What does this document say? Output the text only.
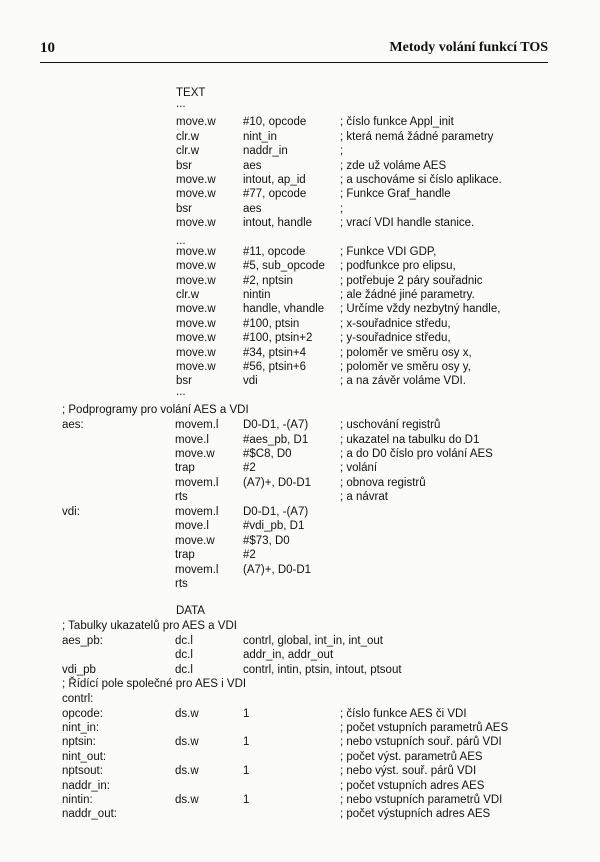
10	Metody volání funkcí TOS
TEXT
...
move.w #10, opcode	; číslo funkce Appl_init
clr.w	nint_in	; která nemá žádné parametry
clr.w	naddr_in	;
bsr	aes	; zde už voláme AES
move.w intout, ap_id	; a uschováme si číslo aplikace.
move.w #77, opcode	; Funkce Graf_handle
bsr	aes	;
move.w intout, handle ; vrací VDI handle stanice.
...
move.w #11, opcode	; Funkce VDI GDP,
move.w #5, sub_opcode ; podfunkce pro elipsu,
move.w #2, nptsin	; potřebuje 2 páry souřadnic
clr.w	nintin	; ale žádné jiné parametry.
move.w handle, vhandle ; Určíme vždy nezbytný handle,
move.w #100, ptsin	; x-souřadnice středu,
move.w #100, ptsin+2 ; y-souřadnice středu,
move.w #34, ptsin+4	; poloměr ve směru osy x,
move.w #56, ptsin+6	; poloměr ve směru osy y,
bsr	vdi	; a na závěr voláme VDI.
...
; Podprogramy pro volání AES a VDI
aes:	movem.l D0-D1, -(A7)	; uschování registrů
move.l	#aes_pb, D1	; ukazatel na tabulku do D1
move.w #$C8, D0	; a do D0 číslo pro volání AES
trap	#2	; volání
movem.l (A7)+, D0-D1	; obnova registrů
rts	; a návrat
vdi:	movem.l D0-D1, -(A7)
move.l	#vdi_pb, D1
move.w #$73, D0
trap	#2
movem.l (A7)+, D0-D1
rts
DATA
; Tabulky ukazatelů pro AES a VDI
aes_pb:	dc.l	contrl, global, int_in, int_out
dc.l	addr_in, addr_out
vdi_pb	dc.l	contrl, intin, ptsin, intout, ptsout
; Řídící pole společné pro AES i VDI
contrl:
opcode:	ds.w	1	; číslo funkce AES či VDI
nint_in:	; počet vstupních parametrů AES
nptsin:	ds.w	1	; nebo vstupních souř. párů VDI
nint_out:	; počet výst. parametrů AES
nptsout:	ds.w	1	; nebo výst. souř. párů VDI
naddr_in:	; počet vstupních adres AES
nintin:	ds.w	1	; nebo vstupních parametrů VDI
naddr_out:	; počet výstupních adres AES
